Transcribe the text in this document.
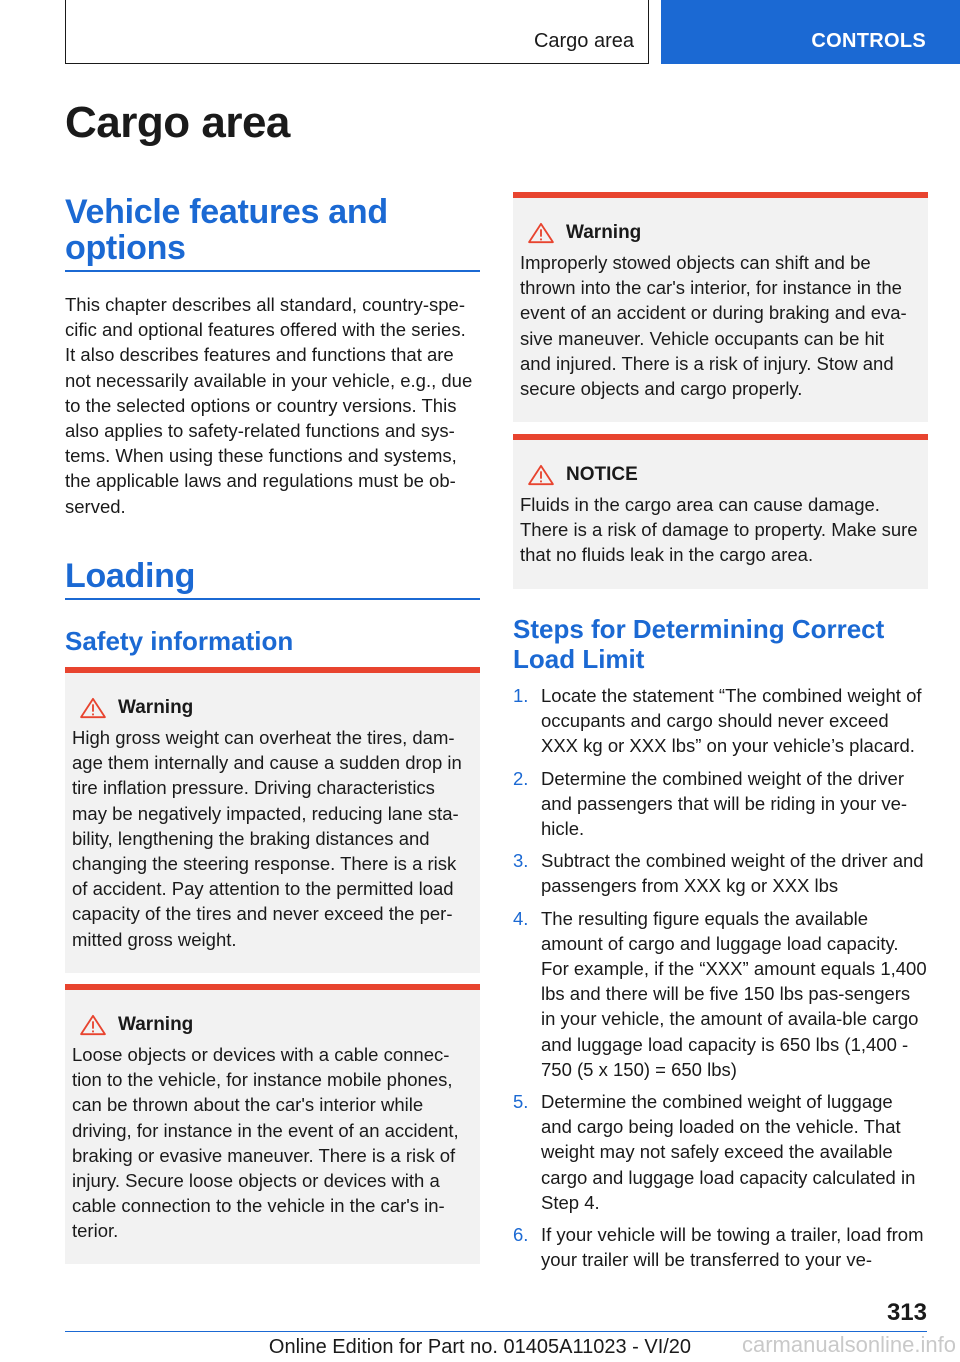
Cargo area	CONTROLS
Cargo area
Vehicle features and options

This chapter describes all standard, country-spe-cific and optional features offered with the series. It also describes features and functions that are not necessarily available in your vehicle, e.g., due to the selected options or country versions. This also applies to safety-related functions and sys-tems. When using these functions and systems, the applicable laws and regulations must be ob-served.

Loading
Safety information
Warning

High gross weight can overheat the tires, dam-age them internally and cause a sudden drop in tire inflation pressure. Driving characteristics may be negatively impacted, reducing lane sta-bility, lengthening the braking distances and changing the steering response. There is a risk of accident. Pay attention to the permitted load capacity of the tires and never exceed the per-mitted gross weight.

Warning

Loose objects or devices with a cable connec-tion to the vehicle, for instance mobile phones, can be thrown about the car's interior while driving, for instance in the event of an accident, braking or evasive maneuver. There is a risk of injury. Secure loose objects or devices with a cable connection to the vehicle in the car's in-terior.

Warning

Improperly stowed objects can shift and be thrown into the car's interior, for instance in the event of an accident or during braking and eva-sive maneuver. Vehicle occupants can be hit and injured. There is a risk of injury. Stow and secure objects and cargo properly.

NOTICE

Fluids in the cargo area can cause damage. There is a risk of damage to property. Make sure that no fluids leak in the cargo area.

Steps for Determining Correct Load Limit
1. Locate the statement “The combined weight of occupants and cargo should never exceed XXX kg or XXX lbs” on your vehicle’s placard.
2. Determine the combined weight of the driver and passengers that will be riding in your ve-hicle.
3. Subtract the combined weight of the driver and passengers from XXX kg or XXX lbs
4. The resulting figure equals the available amount of cargo and luggage load capacity. For example, if the “XXX” amount equals 1,400 lbs and there will be five 150 lbs pas-sengers in your vehicle, the amount of availa-ble cargo and luggage load capacity is 650 lbs (1,400 - 750 (5 x 150) = 650 lbs)
5. Determine the combined weight of luggage and cargo being loaded on the vehicle. That weight may not safely exceed the available cargo and luggage load capacity calculated in Step 4.
6. If your vehicle will be towing a trailer, load from your trailer will be transferred to your ve-
313
Online Edition for Part no. 01405A11023 - VI/20	carmanualsonline.info
